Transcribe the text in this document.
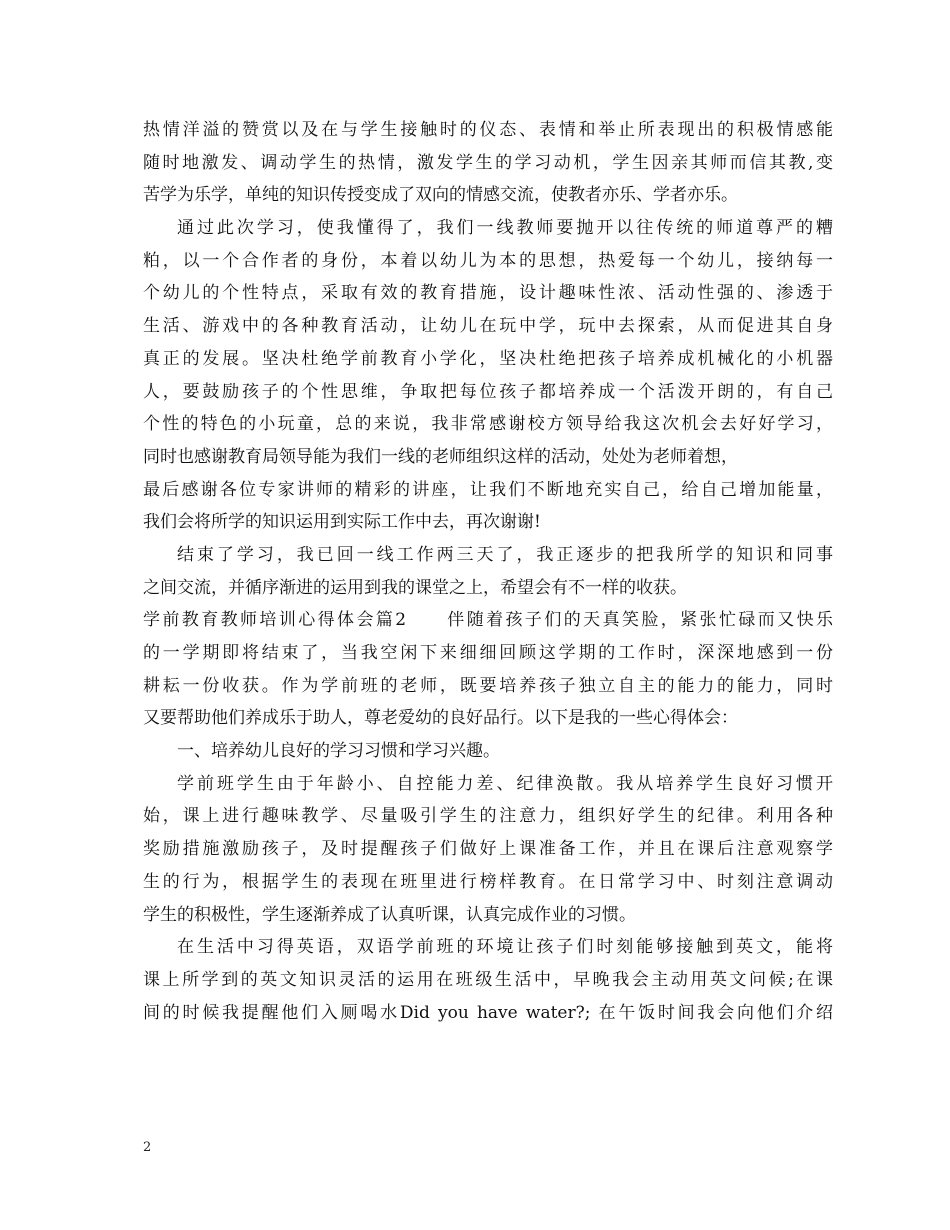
热情洋溢的赞赏以及在与学生接触时的仪态、表情和举止所表现出的积极情感能
随时地激发、调动学生的热情，激发学生的学习动机，学生因亲其师而信其教,变
苦学为乐学，单纯的知识传授变成了双向的情感交流，使教者亦乐、学者亦乐。
通过此次学习，使我懂得了，我们一线教师要抛开以往传统的师道尊严的糟
粕，以一个合作者的身份，本着以幼儿为本的思想，热爱每一个幼儿，接纳每一
个幼儿的个性特点，采取有效的教育措施，设计趣味性浓、活动性强的、渗透于
生活、游戏中的各种教育活动，让幼儿在玩中学，玩中去探索，从而促进其自身
真正的发展。坚决杜绝学前教育小学化，坚决杜绝把孩子培养成机械化的小机器
人，要鼓励孩子的个性思维，争取把每位孩子都培养成一个活泼开朗的，有自己
个性的特色的小玩童，总的来说，我非常感谢校方领导给我这次机会去好好学习，
同时也感谢教育局领导能为我们一线的老师组织这样的活动，处处为老师着想，
最后感谢各位专家讲师的精彩的讲座，让我们不断地充实自己，给自己增加能量，
我们会将所学的知识运用到实际工作中去，再次谢谢!
结束了学习，我已回一线工作两三天了，我正逐步的把我所学的知识和同事
之间交流，并循序渐进的运用到我的课堂之上，希望会有不一样的收获。
学前教育教师培训心得体会篇2　　伴随着孩子们的天真笑脸，紧张忙碌而又快乐
的一学期即将结束了，当我空闲下来细细回顾这学期的工作时，深深地感到一份
耕耘一份收获。作为学前班的老师，既要培养孩子独立自主的能力的能力，同时
又要帮助他们养成乐于助人，尊老爱幼的良好品行。以下是我的一些心得体会：
一、培养幼儿良好的学习习惯和学习兴趣。
学前班学生由于年龄小、自控能力差、纪律涣散。我从培养学生良好习惯开
始，课上进行趣味教学、尽量吸引学生的注意力，组织好学生的纪律。利用各种
奖励措施激励孩子，及时提醒孩子们做好上课准备工作，并且在课后注意观察学
生的行为，根据学生的表现在班里进行榜样教育。在日常学习中、时刻注意调动
学生的积极性，学生逐渐养成了认真听课，认真完成作业的习惯。
在生活中习得英语，双语学前班的环境让孩子们时刻能够接触到英文，能将
课上所学到的英文知识灵活的运用在班级生活中，早晚我会主动用英文问候;在课
间的时候我提醒他们入厕喝水Did you have water?; 在午饭时间我会向他们介绍
2
